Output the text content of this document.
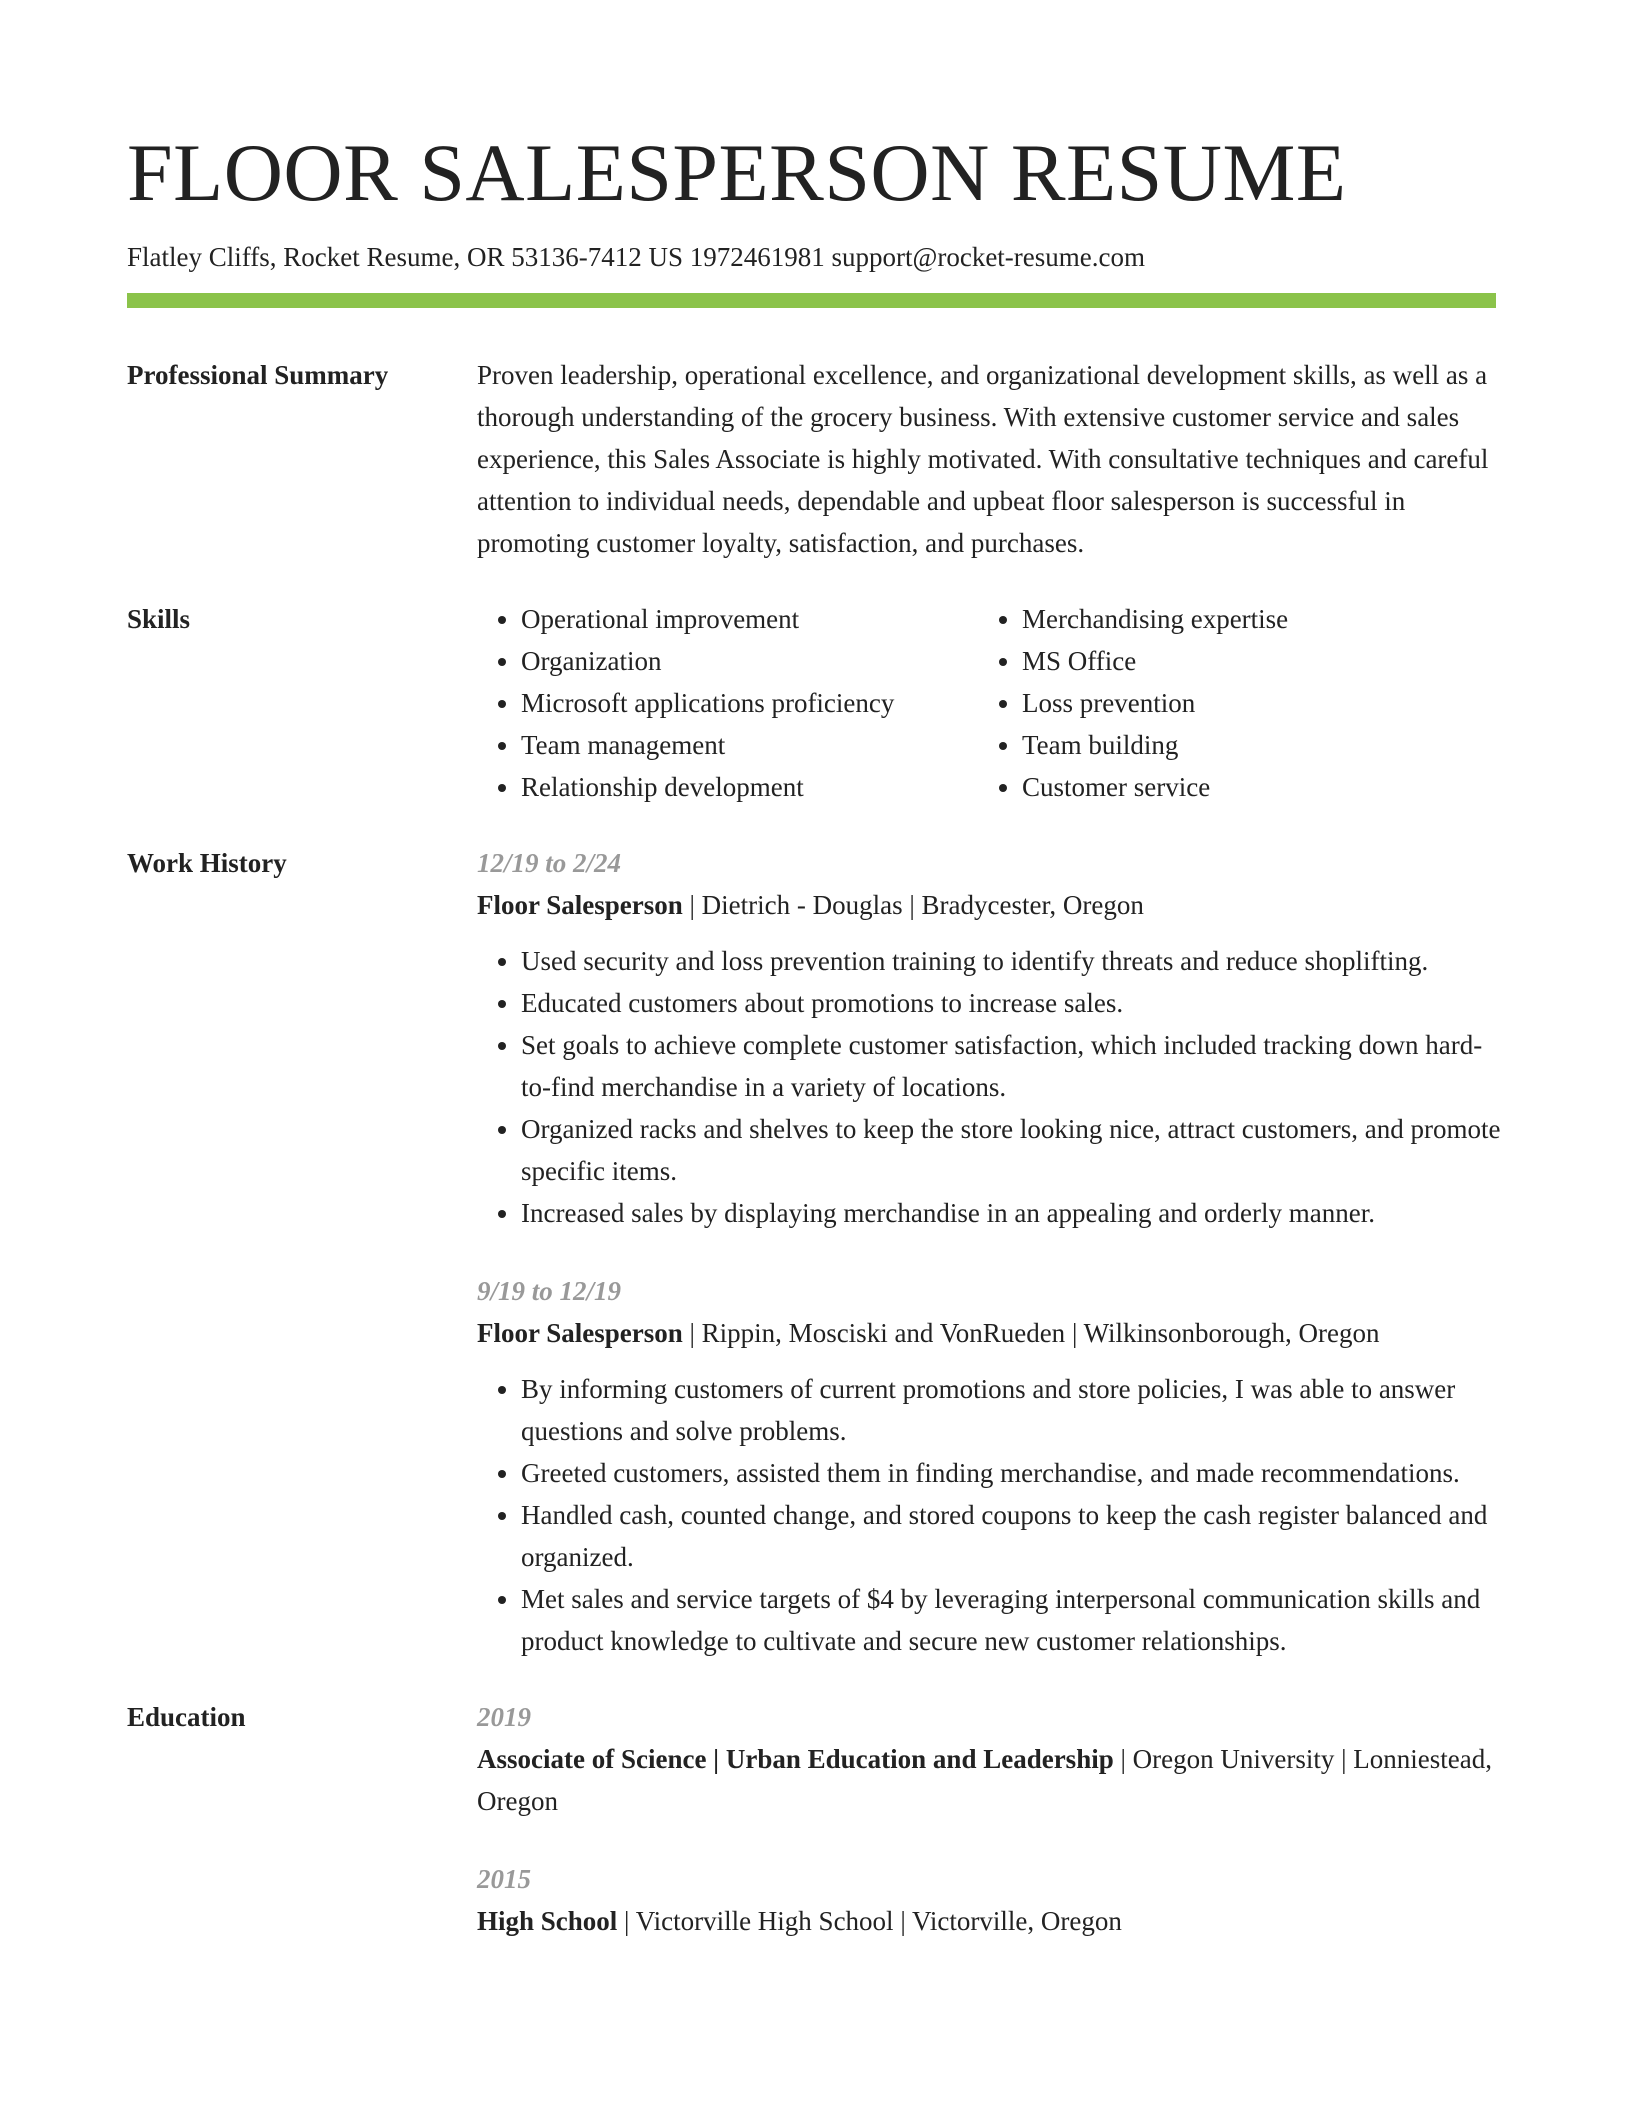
FLOOR SALESPERSON RESUME
Flatley Cliffs, Rocket Resume, OR 53136-7412 US 1972461981 support@rocket-resume.com
Professional Summary	Proven leadership, operational excellence, and organizational development skills, as well as a thorough understanding of the grocery business. With extensive customer service and sales experience, this Sales Associate is highly motivated. With consultative techniques and careful attention to individual needs, dependable and upbeat floor salesperson is successful in promoting customer loyalty, satisfaction, and purchases.

Skills
•	Operational improvement
• Organization
• Microsoft applications proficiency
• Team management
• Relationship development
• Merchandising expertise
• MS Office
• Loss prevention
• Team building
• Customer service
Work History	12/19 to 2/24
Floor Salesperson | Dietrich - Douglas | Bradycester, Oregon
• Used security and loss prevention training to identify threats and reduce shoplifting.
• Educated customers about promotions to increase sales.
• Set goals to achieve complete customer satisfaction, which included tracking down hard-to-find merchandise in a variety of locations.
• Organized racks and shelves to keep the store looking nice, attract customers, and promote specific items.
• Increased sales by displaying merchandise in an appealing and orderly manner.
9/19 to 12/19
Floor Salesperson | Rippin, Mosciski and VonRueden | Wilkinsonborough, Oregon
• By informing customers of current promotions and store policies, I was able to answer questions and solve problems.
• Greeted customers, assisted them in finding merchandise, and made recommendations.
• Handled cash, counted change, and stored coupons to keep the cash register balanced and organized.
• Met sales and service targets of $4 by leveraging interpersonal communication skills and product knowledge to cultivate and secure new customer relationships.
Education	2019
Associate of Science | Urban Education and Leadership | Oregon University | Lonniestead, Oregon
2015
High School | Victorville High School | Victorville, Oregon
